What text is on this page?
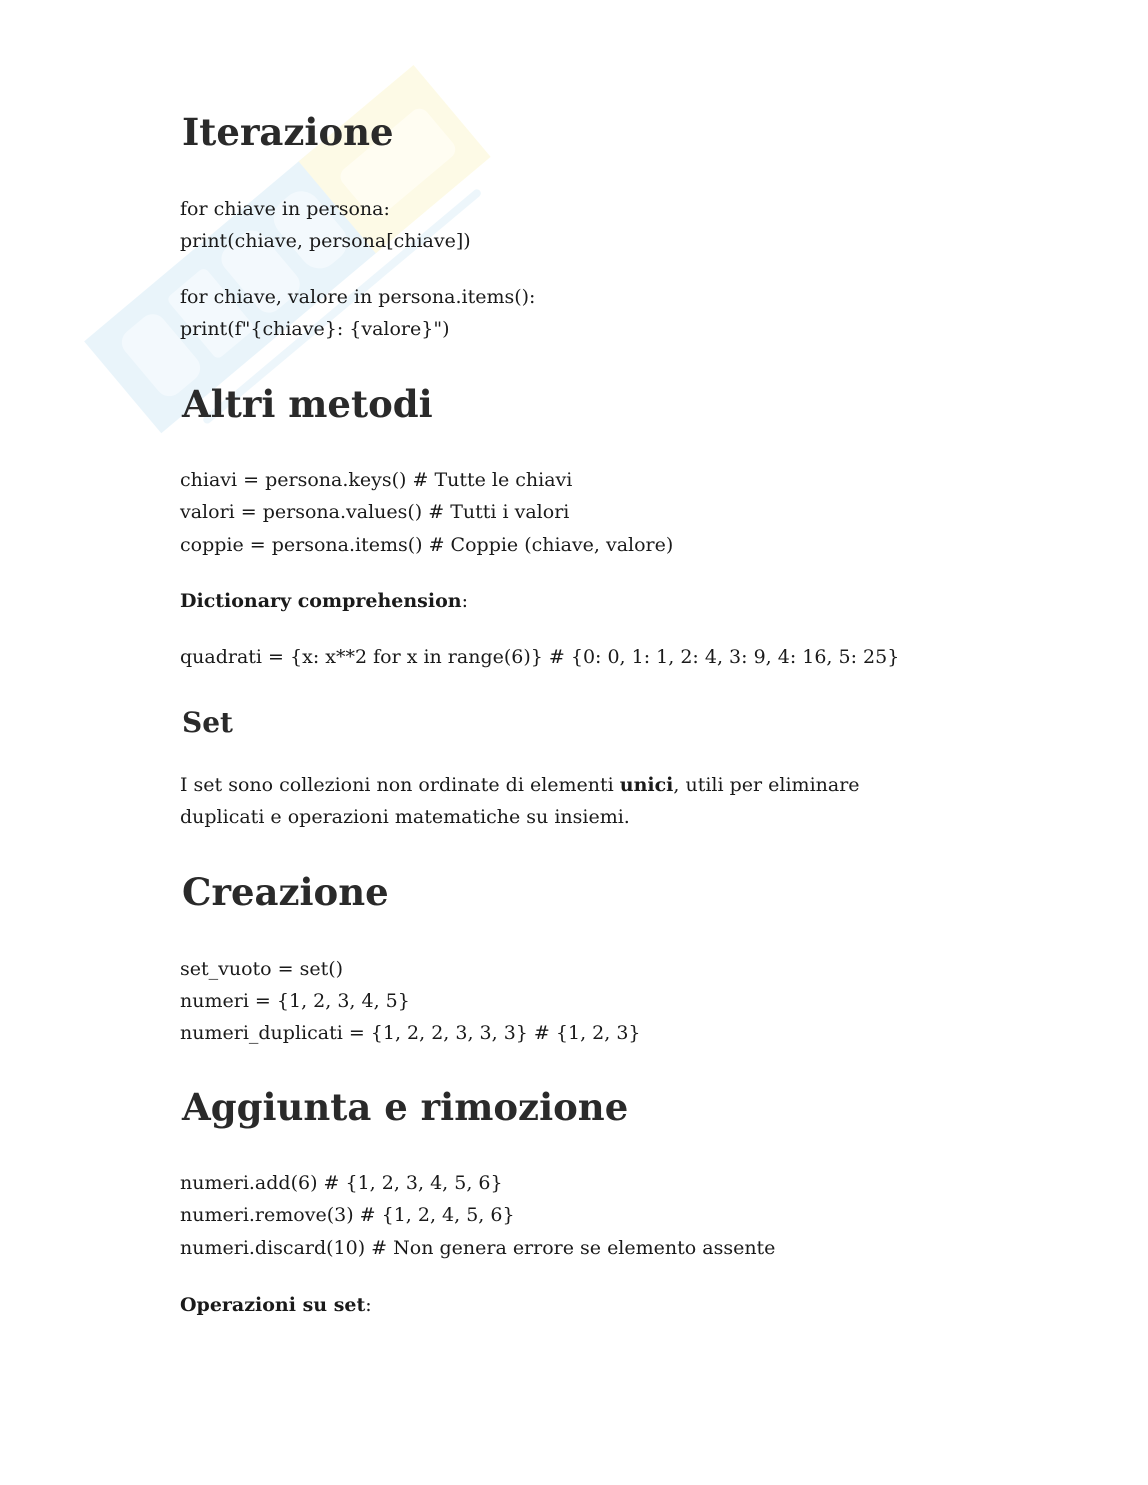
Iterazione
for chiave in persona:
print(chiave, persona[chiave])
for chiave, valore in persona.items():
print(f"{chiave}: {valore}")
Altri metodi
chiavi = persona.keys() # Tutte le chiavi
valori = persona.values() # Tutti i valori
coppie = persona.items() # Coppie (chiave, valore)
Dictionary comprehension:
quadrati = {x: x**2 for x in range(6)} # {0: 0, 1: 1, 2: 4, 3: 9, 4: 16, 5: 25}
Set
I set sono collezioni non ordinate di elementi unici, utili per eliminare
duplicati e operazioni matematiche su insiemi.
Creazione
set_vuoto = set()
numeri = {1, 2, 3, 4, 5}
numeri_duplicati = {1, 2, 2, 3, 3, 3} # {1, 2, 3}
Aggiunta e rimozione
numeri.add(6) # {1, 2, 3, 4, 5, 6}
numeri.remove(3) # {1, 2, 4, 5, 6}
numeri.discard(10) # Non genera errore se elemento assente
Operazioni su set:
